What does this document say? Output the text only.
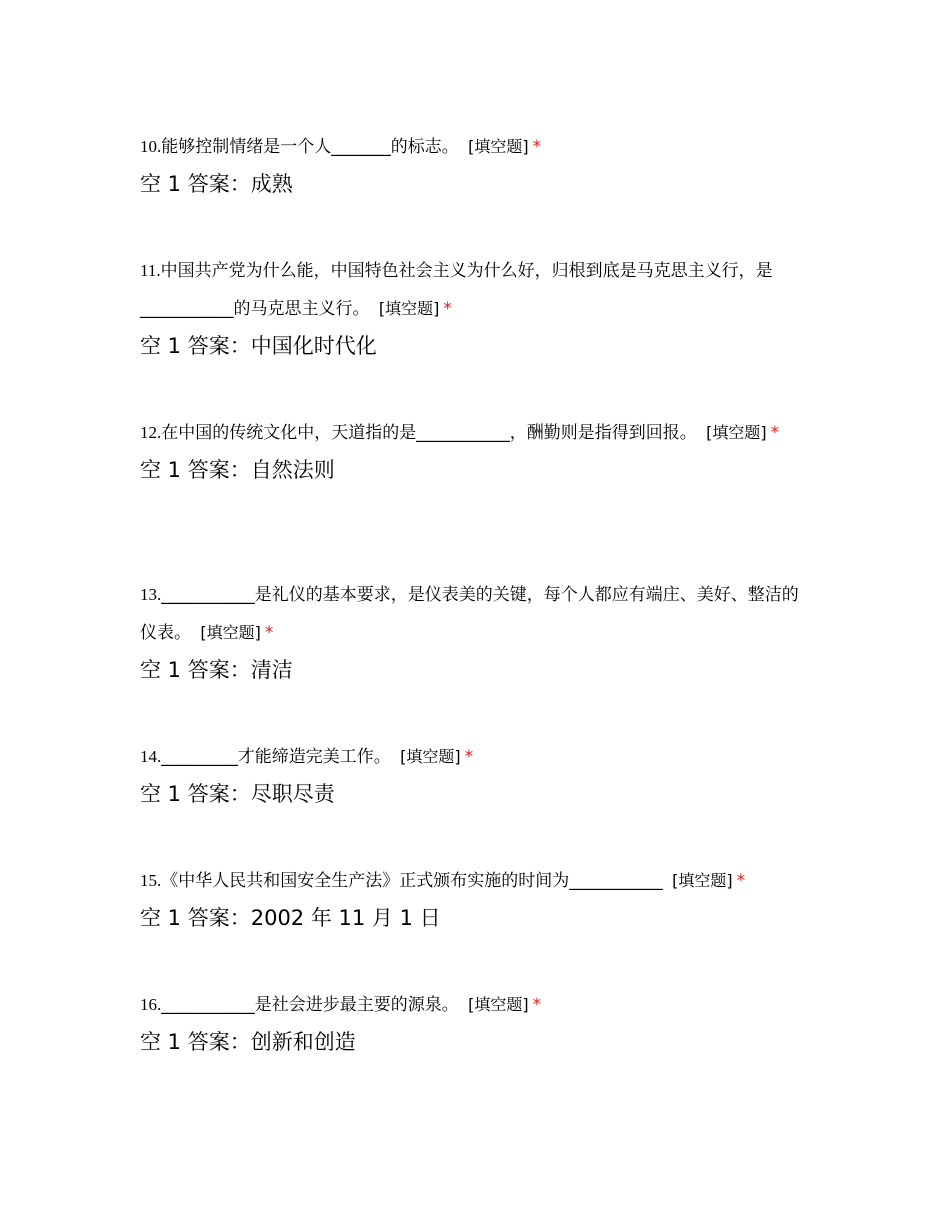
10.能够控制情绪是一个人_______的标志。 [填空题] *

空 1 答案：成熟

11.中国共产党为什么能，中国特色社会主义为什么好，归根到底是马克思主义行，是___________的马克思主义行。 [填空题] *

空 1 答案：中国化时代化

12.在中国的传统文化中，天道指的是___________，酬勤则是指得到回报。 [填空题] *

空 1 答案：自然法则

13.___________是礼仪的基本要求，是仪表美的关键，每个人都应有端庄、美好、整洁的仪表。 [填空题] *

空 1 答案：清洁

14._________才能缔造完美工作。 [填空题] *

空 1 答案：尽职尽责

15.《中华人民共和国安全生产法》正式颁布实施的时间为___________ [填空题] *

空 1 答案：2002 年 11 月 1 日

16.___________是社会进步最主要的源泉。 [填空题] *

空 1 答案：创新和创造
